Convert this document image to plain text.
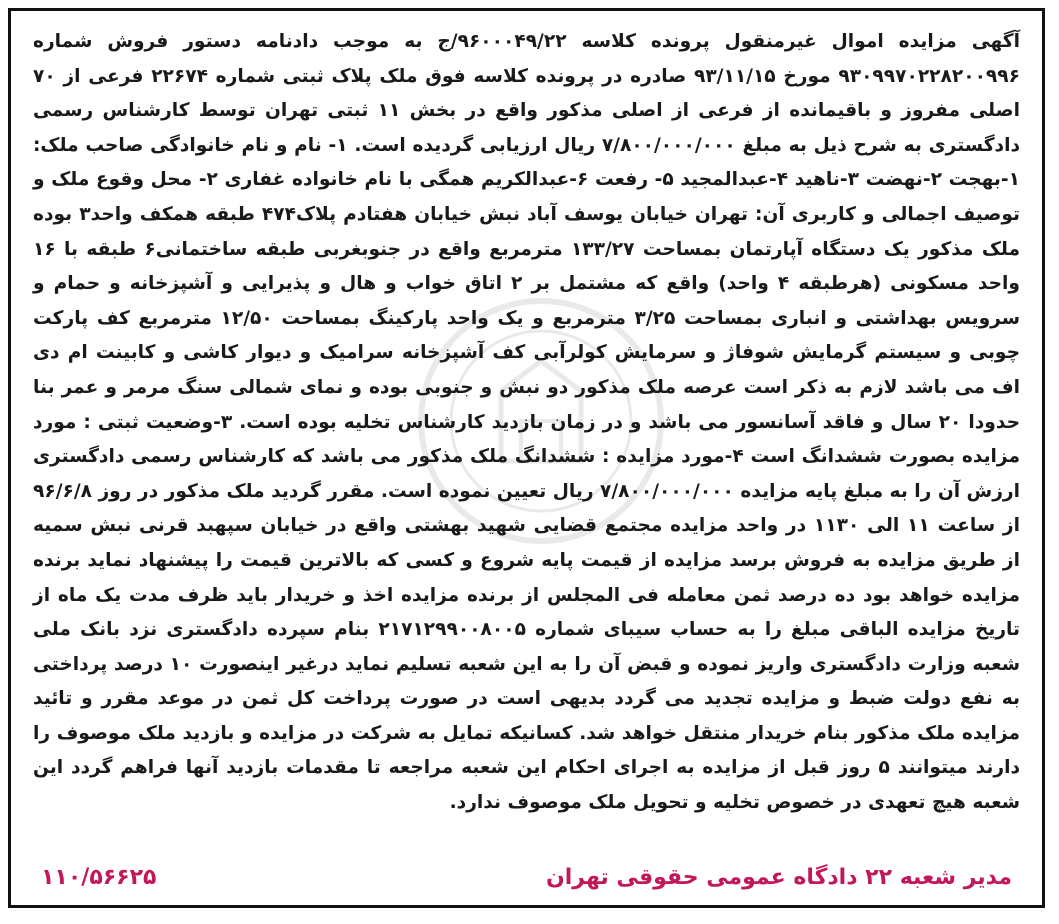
آگهی مزایده اموال غیرمنقول پرونده کلاسه ۹۶۰۰۰۴۹/۲۲/ج به موجب دادنامه دستور فروش شماره ۹۳۰۹۹۷۰۲۲۸۲۰۰۹۹۶ مورخ ۹۳/۱۱/۱۵ صادره در پرونده کلاسه فوق ملک پلاک ثبتی شماره ۲۲۶۷۴ فرعی از ۷۰ اصلی مفروز و باقیمانده از فرعی از اصلی مذکور واقع در بخش ۱۱ ثبتی تهران توسط کارشناس رسمی دادگستری به شرح ذیل به مبلغ ۷/۸۰۰/۰۰۰/۰۰۰ ریال ارزیابی گردیده است. ۱- نام و نام خانوادگی صاحب ملک: ۱-بهجت ۲-نهضت ۳-ناهید ۴-عبدالمجید ۵- رفعت ۶-عبدالکریم همگی با نام خانواده غفاری ۲- محل وقوع ملک و توصیف اجمالی و کاربری آن: تهران خیابان یوسف آباد نبش خیابان هفتادم پلاک۴۷۴ طبقه همکف واحد۳ بوده ملک مذکور یک دستگاه آپارتمان بمساحت ۱۳۳/۲۷ مترمربع واقع در جنوبغربی طبقه ساختمانی۶ طبقه با ۱۶ واحد مسکونی (هرطبقه ۴ واحد) واقع که مشتمل بر ۲ اتاق خواب و هال و پذیرایی و آشپزخانه و حمام و سرویس بهداشتی و انباری بمساحت ۳/۲۵ مترمربع و یک واحد پارکینگ بمساحت ۱۲/۵۰ مترمربع کف پارکت چوبی و سیستم گرمایش شوفاژ و سرمایش کولرآبی کف آشپزخانه سرامیک و دیوار کاشی و کابینت ام دی اف می باشد لازم به ذکر است عرصه ملک مذکور دو نبش و جنوبی بوده و نمای شمالی سنگ مرمر و عمر بنا حدودا ۲۰ سال و فاقد آسانسور می باشد و در زمان بازدید کارشناس تخلیه بوده است. ۳-وضعیت ثبتی : مورد مزایده بصورت ششدانگ است ۴-مورد مزایده : ششدانگ ملک مذکور می باشد که کارشناس رسمی دادگستری ارزش آن را به مبلغ پایه مزایده ۷/۸۰۰/۰۰۰/۰۰۰ ریال تعیین نموده است. مقرر گردید ملک مذکور در روز ۹۶/۶/۸ از ساعت ۱۱ الی ۱۱۳۰ در واحد مزایده مجتمع قضایی شهید بهشتی واقع در خیابان سپهبد قرنی نبش سمیه از طریق مزایده به فروش برسد مزایده از قیمت پایه شروع و کسی که بالاترین قیمت را پیشنهاد نماید برنده مزایده خواهد بود ده درصد ثمن معامله فی المجلس از برنده مزایده اخذ و خریدار باید ظرف مدت یک ماه از تاریخ مزایده الباقی مبلغ را به حساب سیبای شماره ۲۱۷۱۲۹۹۰۰۸۰۰۵ بنام سپرده دادگستری نزد بانک ملی شعبه وزارت دادگستری واریز نموده و قبض آن را به این شعبه تسلیم نماید درغیر اینصورت ۱۰ درصد پرداختی به نفع دولت ضبط و مزایده تجدید می گردد بدیهی است در صورت پرداخت کل ثمن در موعد مقرر و تائید مزایده ملک مذکور بنام خریدار منتقل خواهد شد. کسانیکه تمایل به شرکت در مزایده و بازدید ملک موصوف را دارند میتوانند ۵ روز قبل از مزایده به اجرای احکام این شعبه مراجعه تا مقدمات بازدید آنها فراهم گردد این شعبه هیچ تعهدی در خصوص تخلیه و تحویل ملک موصوف ندارد.

مدیر شعبه ۲۲ دادگاه عمومی حقوقی تهران
۱۱۰/۵۶۶۲۵
